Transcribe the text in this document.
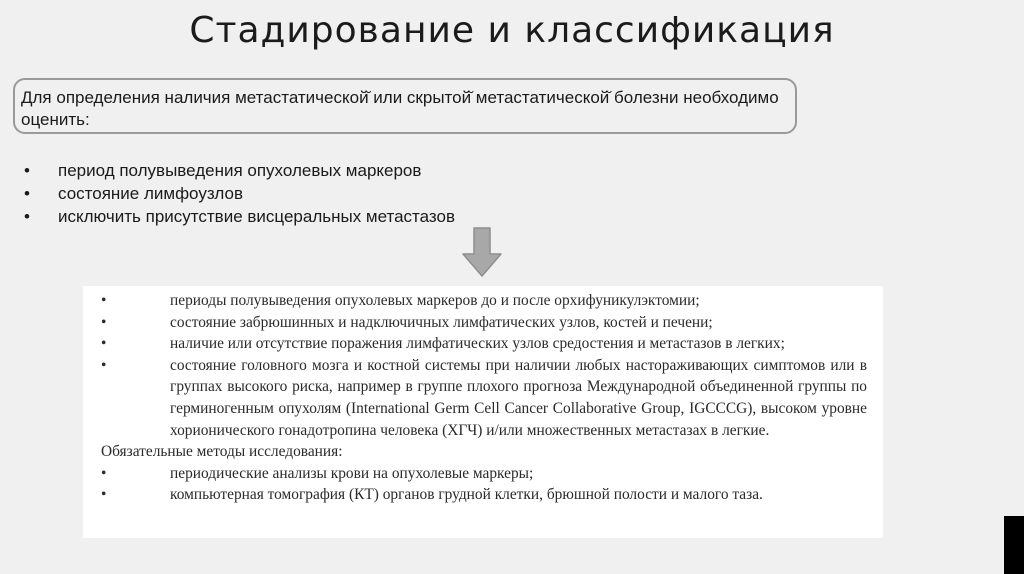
Стадирование и классификация
Для определения наличия метастатической̆ или скрытой̆ метастатической̆ болезни необходимо оценить:
• период полувыведения опухолевых маркеров
• состояние лимфоузлов
• исключить присутствие висцеральных метастазов
•	периоды полувыведения опухолевых маркеров до и после орхифуникулэктомии;
•	состояние забрюшинных и надключичных лимфатических узлов, костей и печени;
•	наличие или отсутствие поражения лимфатических узлов средостения и метастазов в легких;
•	состояние головного мозга и костной системы при наличии любых настораживающих симптомов или в группах высокого риска, например в группе плохого прогноза Международной объединенной группы по герминогенным опухолям (International Germ Cell Cancer Collaborative Group, IGCCCG), высоком уровне хорионического гонадотропина человека (ХГЧ) и/или множественных метастазах в легкие.
Обязательные методы исследования:
•	периодические анализы крови на опухолевые маркеры;
•	компьютерная томография (КТ) органов грудной клетки, брюшной полости и малого таза.
